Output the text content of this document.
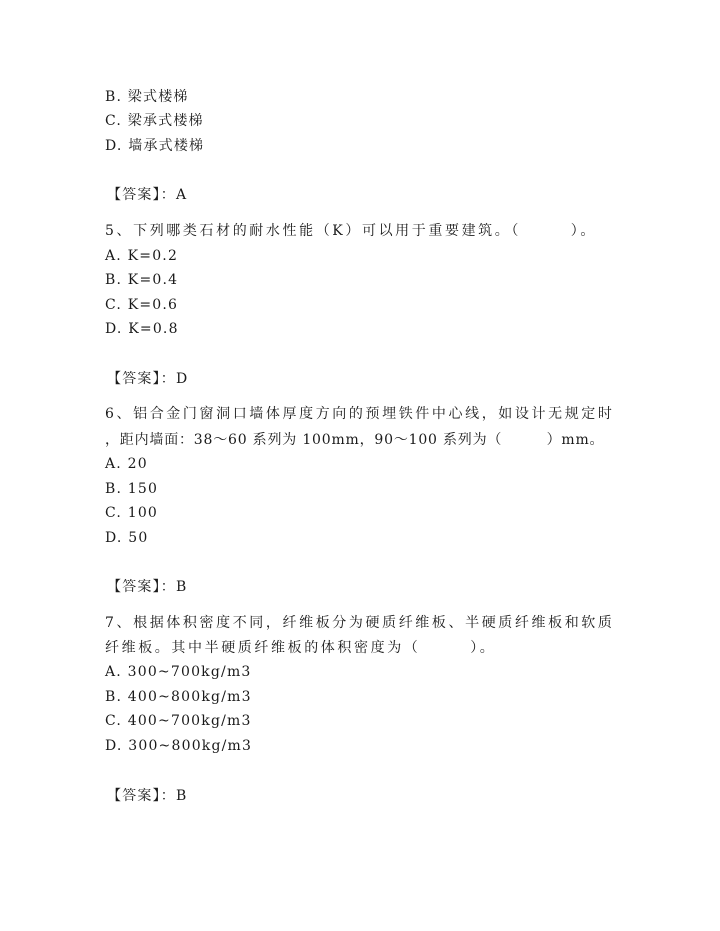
B. 梁式楼梯
C. 梁承式楼梯
D. 墙承式楼梯
【答案】：A
5、下列哪类石材的耐水性能（K）可以用于重要建筑。（　　　）。
A. K=0.2
B. K=0.4
C. K=0.6
D. K=0.8
【答案】：D
6、铝合金门窗洞口墙体厚度方向的预埋铁件中心线，如设计无规定时
，距内墙面：38～60 系列为 100mm，90～100 系列为（　　　）mm。
A. 20
B. 150
C. 100
D. 50
【答案】：B
7、根据体积密度不同，纤维板分为硬质纤维板、半硬质纤维板和软质
纤维板。其中半硬质纤维板的体积密度为（　　　）。
A. 300~700kg/m3
B. 400~800kg/m3
C. 400~700kg/m3
D. 300~800kg/m3
【答案】：B
